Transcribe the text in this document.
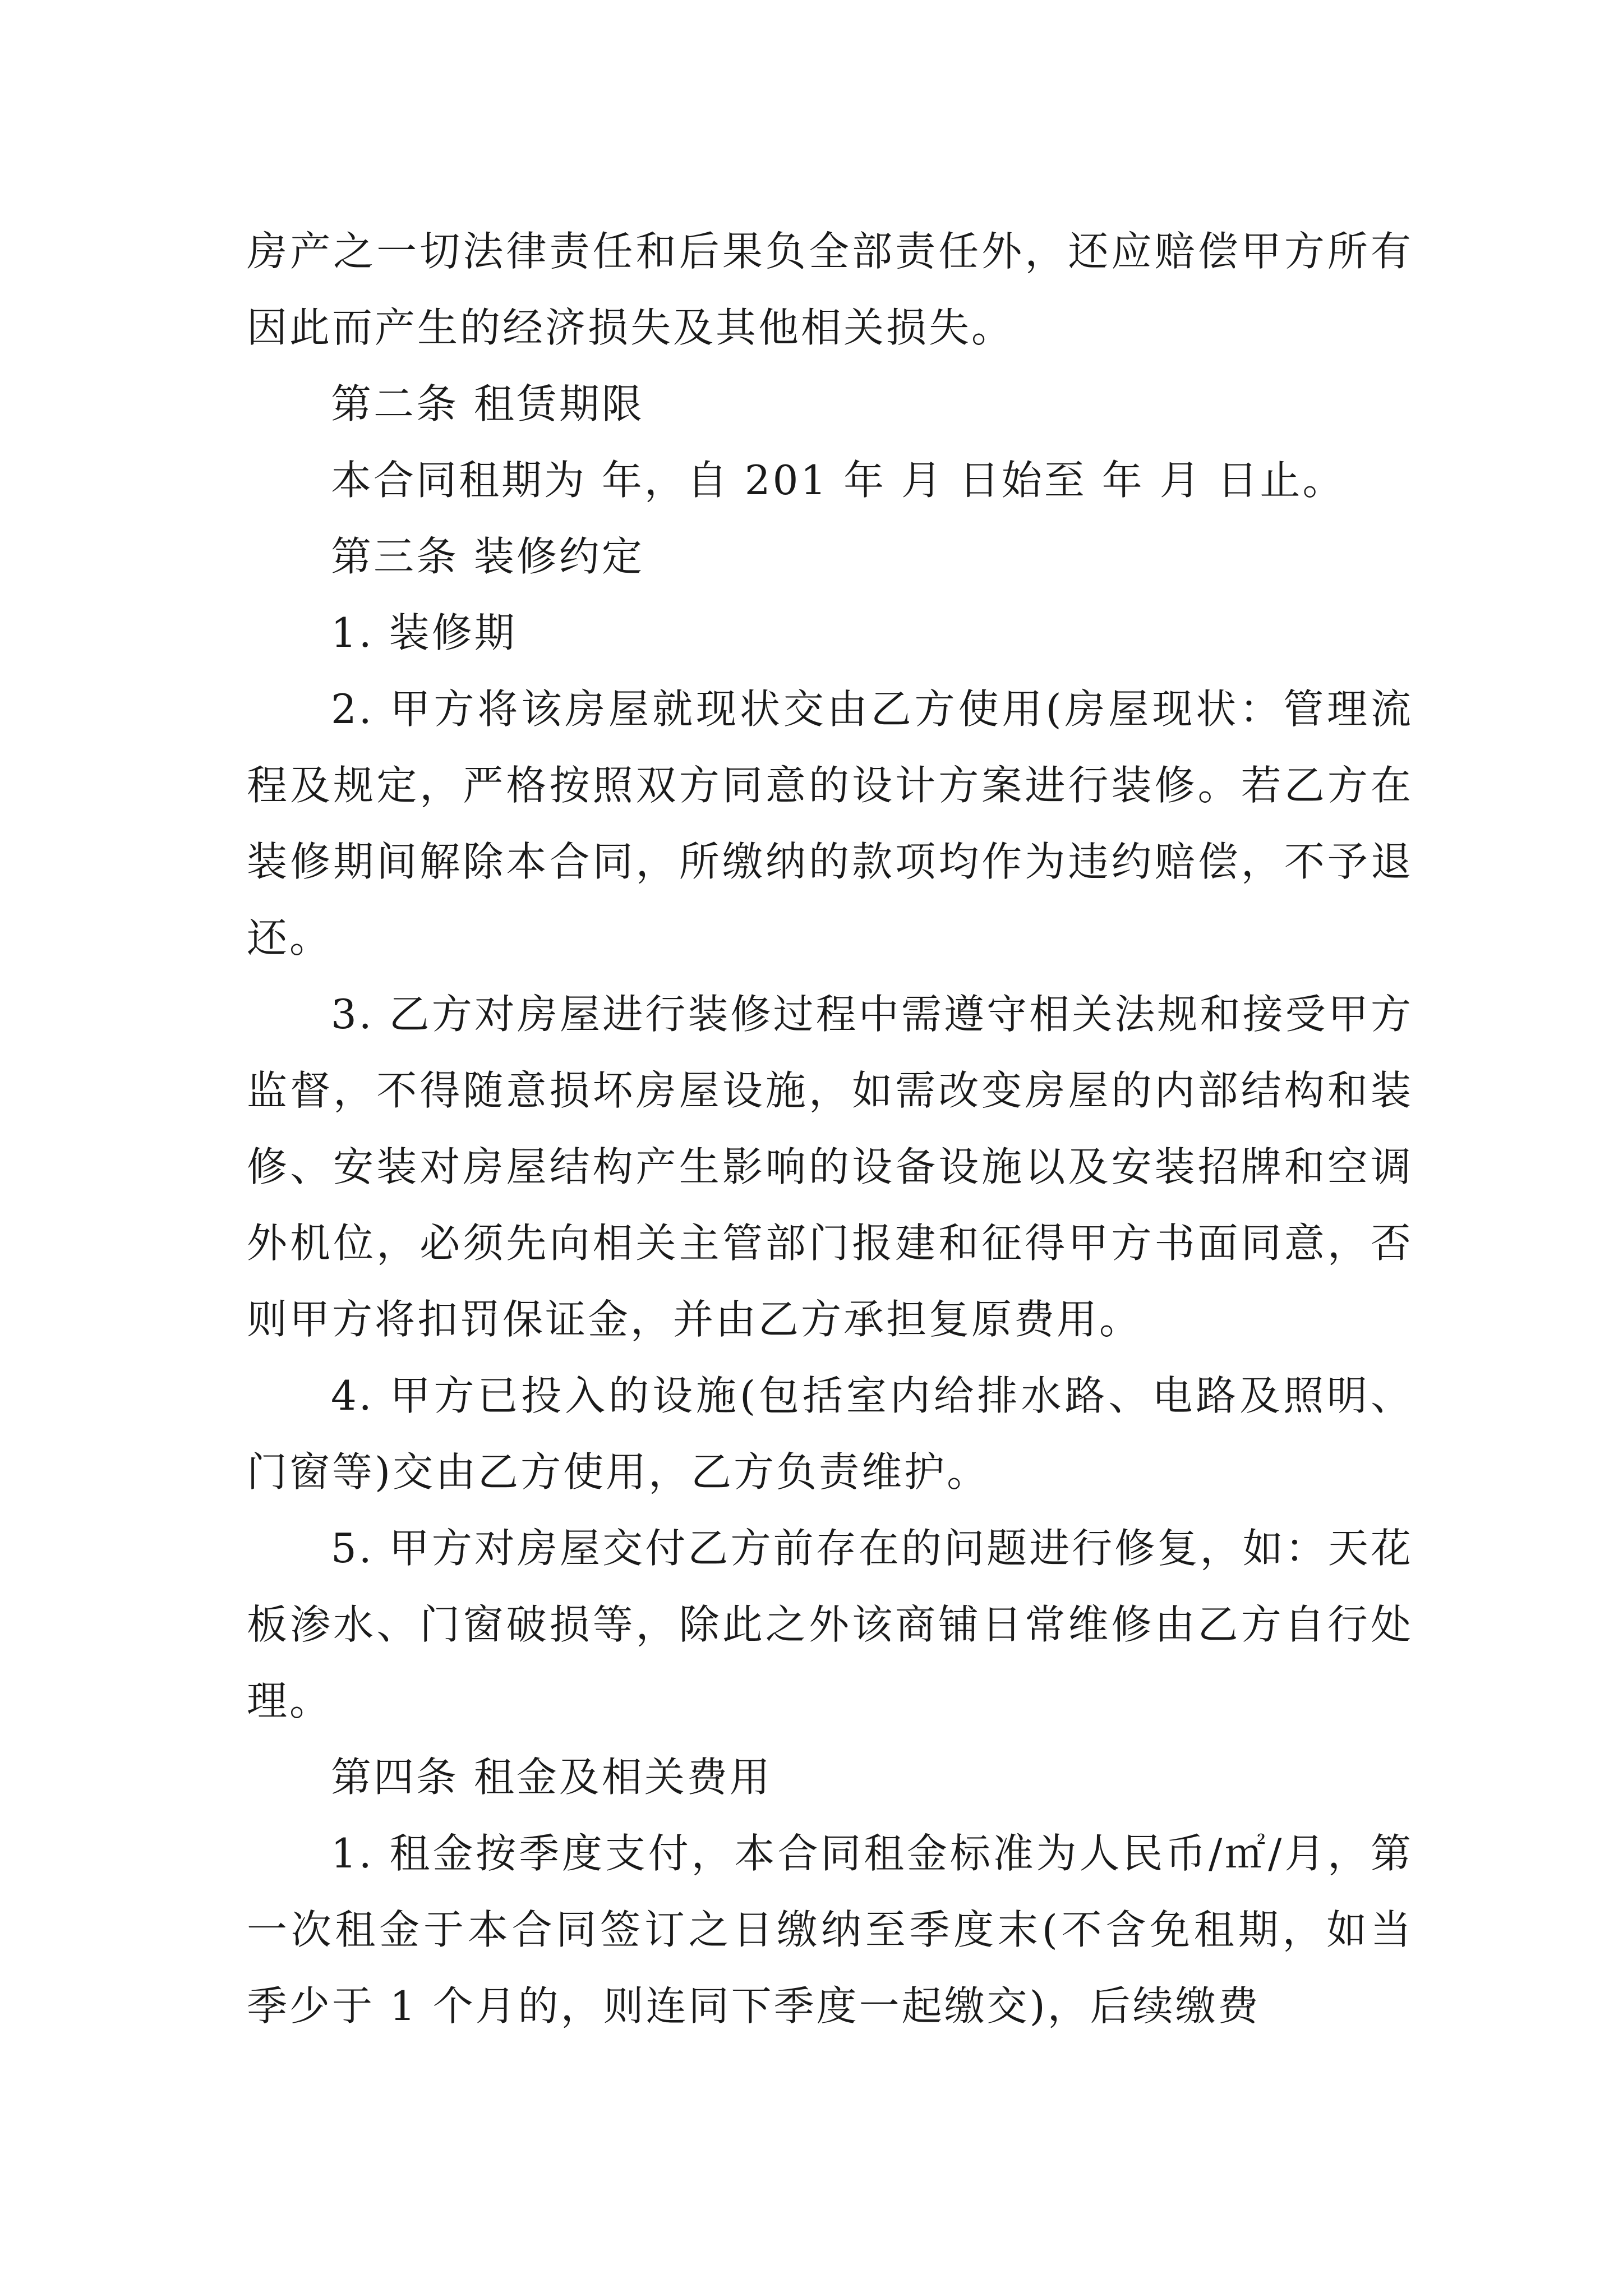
房产之一切法律责任和后果负全部责任外，还应赔偿甲方所有因此而产生的经济损失及其他相关损失。

第二条 租赁期限

本合同租期为 年，自 201 年 月 日始至 年 月 日止。

第三条 装修约定

1. 装修期

2. 甲方将该房屋就现状交由乙方使用(房屋现状：管理流程及规定，严格按照双方同意的设计方案进行装修。若乙方在装修期间解除本合同，所缴纳的款项均作为违约赔偿，不予退还。

3. 乙方对房屋进行装修过程中需遵守相关法规和接受甲方监督，不得随意损坏房屋设施，如需改变房屋的内部结构和装修、安装对房屋结构产生影响的设备设施以及安装招牌和空调外机位，必须先向相关主管部门报建和征得甲方书面同意，否则甲方将扣罚保证金，并由乙方承担复原费用。

4. 甲方已投入的设施(包括室内给排水路、电路及照明、门窗等)交由乙方使用，乙方负责维护。

5. 甲方对房屋交付乙方前存在的问题进行修复，如：天花板渗水、门窗破损等，除此之外该商铺日常维修由乙方自行处理。

第四条 租金及相关费用

1. 租金按季度支付，本合同租金标准为人民币/㎡/月，第一次租金于本合同签订之日缴纳至季度末(不含免租期，如当季少于 1 个月的，则连同下季度一起缴交)，后续缴费
